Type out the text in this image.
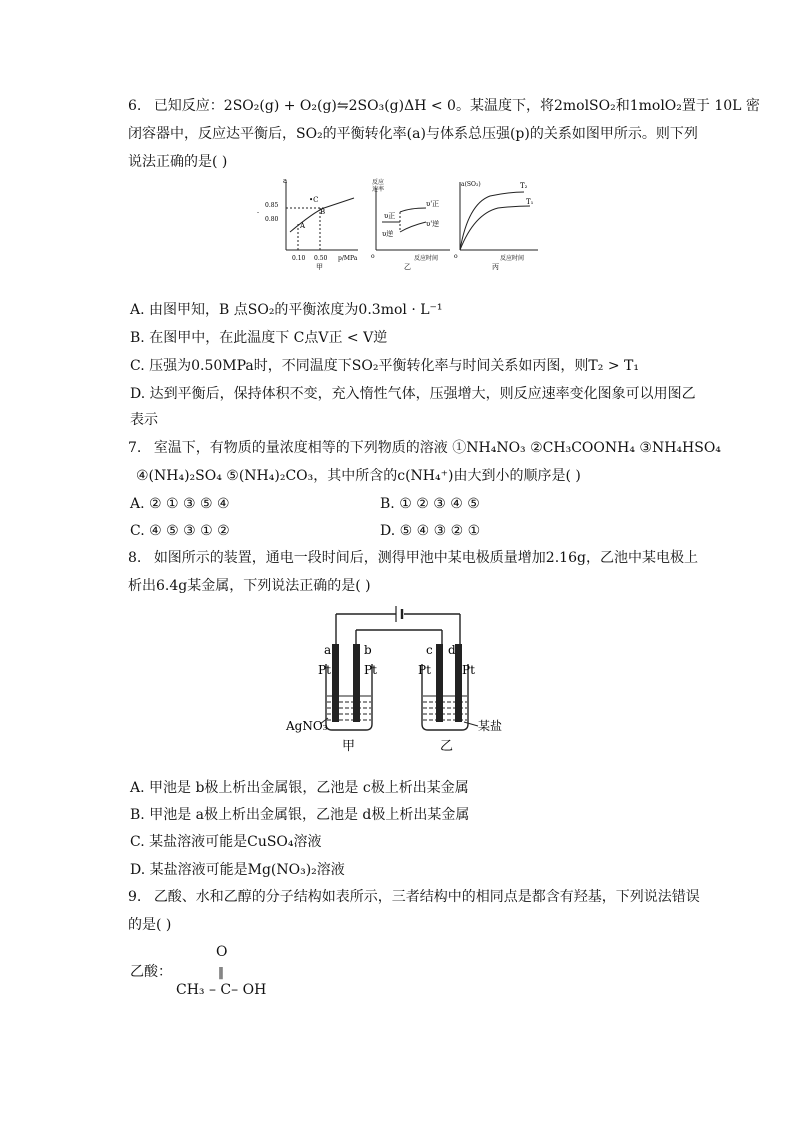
6. 已知反应：2SO₂(g) + O₂(g)⇋2SO₃(g)ΔH < 0。某温度下，将2molSO₂和1molO₂置于 10L 密
闭容器中，反应达平衡后，SO₂的平衡转化率(a)与体系总压强(p)的关系如图甲所示。则下列
说法正确的是( )
a
0.85
0.80
-
A
B
•C
0.10 0.50 p/MPa
甲
反应
速率
υ正
υ逆
υ'正
υ'逆
反应时间
乙
o
a(SO₂)	T₂
T₁
反应时间
丙
o
A. 由图甲知，B 点SO₂的平衡浓度为0.3mol · L⁻¹
B. 在图甲中，在此温度下 C点V正 < V逆
C. 压强为0.50MPa时，不同温度下SO₂平衡转化率与时间关系如丙图，则T₂ > T₁
D. 达到平衡后，保持体积不变，充入惰性气体，压强增大，则反应速率变化图象可以用图乙
表示
7. 室温下，有物质的量浓度相等的下列物质的溶液 ①NH₄NO₃ ②CH₃COONH₄ ③NH₄HSO₄
④(NH₄)₂SO₄ ⑤(NH₄)₂CO₃，其中所含的c(NH₄⁺)由大到小的顺序是( )
A. ② ① ③ ⑤ ④	B. ① ② ③ ④ ⑤
C. ④ ⑤ ③ ① ②	D. ⑤ ④ ③ ② ①
8. 如图所示的装置，通电一段时间后，测得甲池中某电极质量增加2.16g，乙池中某电极上
析出6.4g某金属，下列说法正确的是( )
a	b	c d
Pt	Pt	Pt	Pt
AgNO₃	某盐
甲	乙
A. 甲池是 b极上析出金属银，乙池是 c极上析出某金属
B. 甲池是 a极上析出金属银，乙池是 d极上析出某金属
C. 某盐溶液可能是CuSO₄溶液
D. 某盐溶液可能是Mg(NO₃)₂溶液
9. 乙酸、水和乙醇的分子结构如表所示，三者结构中的相同点是都含有羟基，下列说法错误
的是( )
O
‖
乙酸：
CH₃ – C– OH
